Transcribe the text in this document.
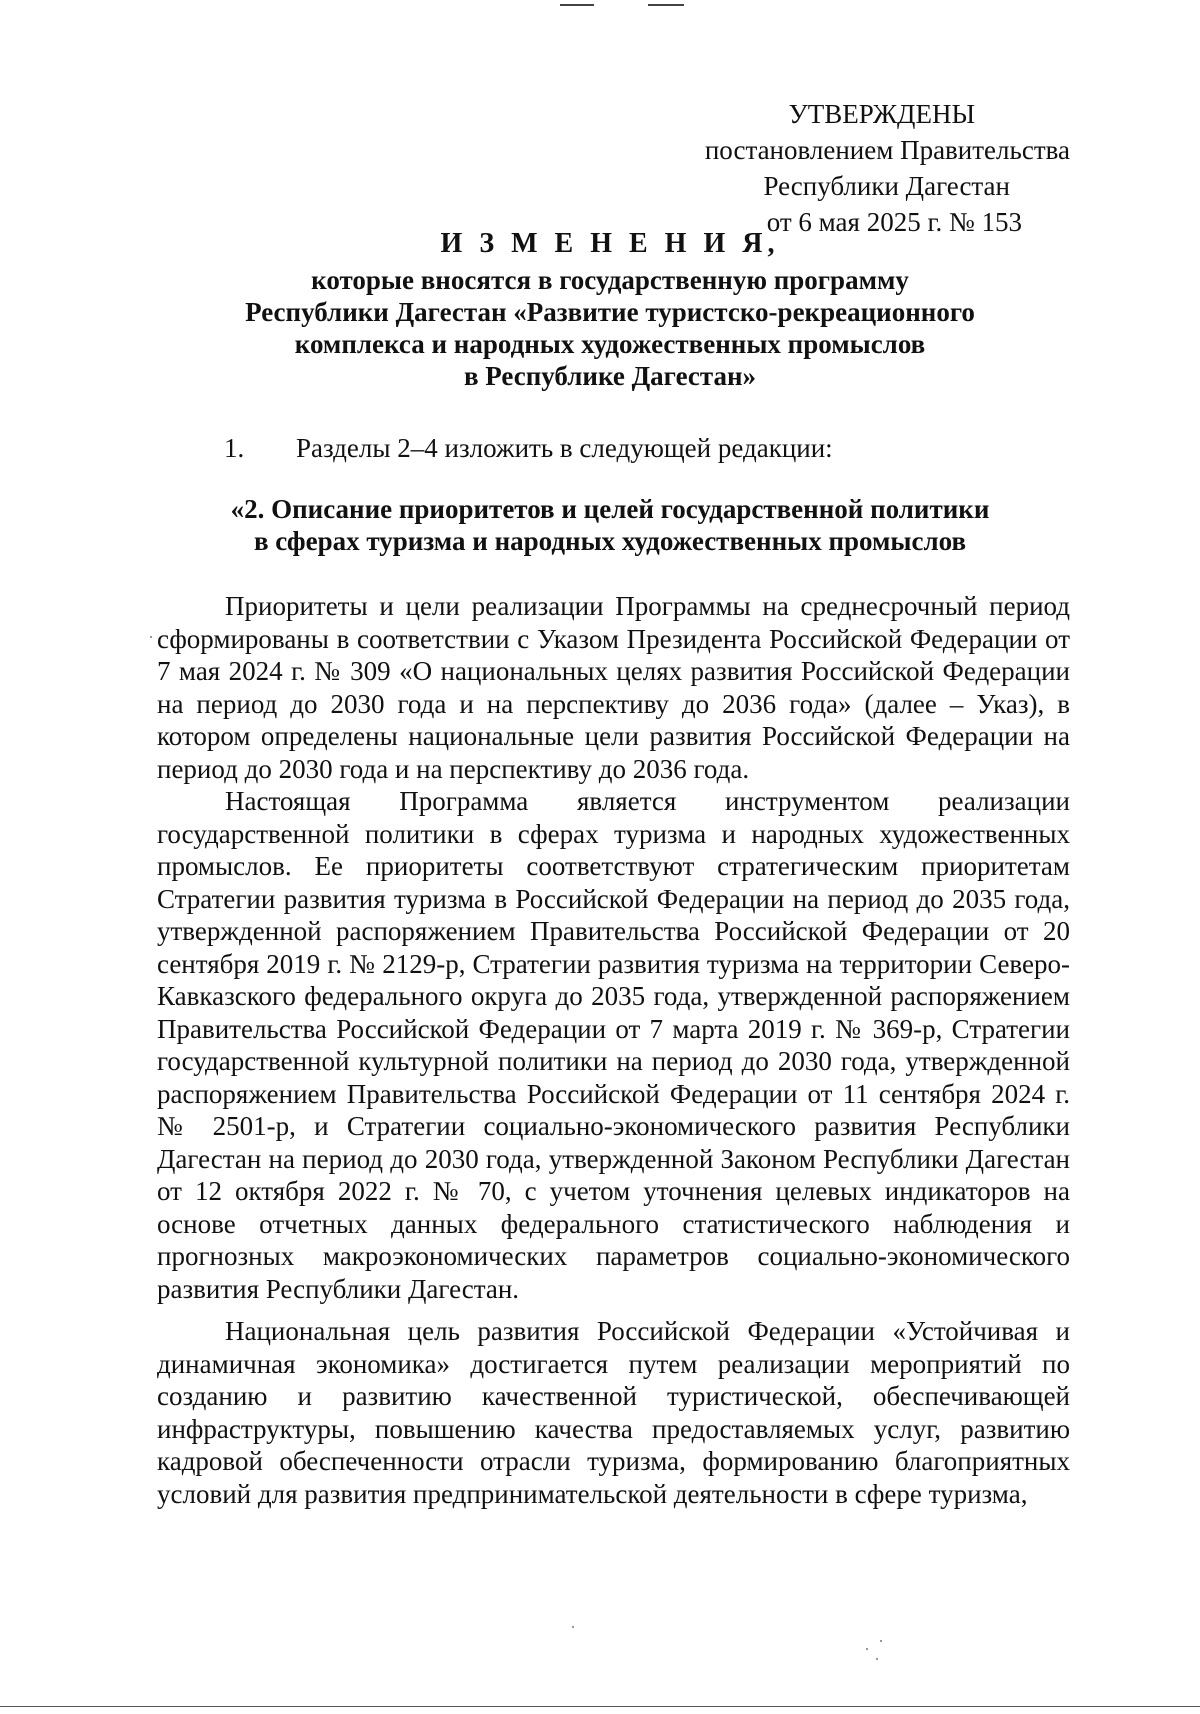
УТВЕРЖДЕНЫ
постановлением Правительства
Республики Дагестан
от 6 мая 2025 г. № 153
И З М Е Н Е Н И Я,
которые вносятся в государственную программу
Республики Дагестан «Развитие туристско-рекреационного
комплекса и народных художественных промыслов
в Республике Дагестан»
1. Разделы 2–4 изложить в следующей редакции:
«2. Описание приоритетов и целей государственной политики
в сферах туризма и народных художественных промыслов

Приоритеты и цели реализации Программы на среднесрочный период сформированы в соответствии с Указом Президента Российской Федерации от 7 мая 2024 г. № 309 «О национальных целях развития Российской Федерации на период до 2030 года и на перспективу до 2036 года» (далее – Указ), в котором определены национальные цели развития Российской Федерации на период до 2030 года и на перспективу до 2036 года.

Настоящая Программа является инструментом реализации государственной политики в сферах туризма и народных художественных промыслов. Ее приоритеты соответствуют стратегическим приоритетам Стратегии развития туризма в Российской Федерации на период до 2035 года, утвержденной распоряжением Правительства Российской Федерации от 20 сентября 2019 г. № 2129-р, Стратегии развития туризма на территории Северо-Кавказского федерального округа до 2035 года, утвержденной распоряжением Правительства Российской Федерации от 7 марта 2019 г. № 369-р, Стратегии государственной культурной политики на период до 2030 года, утвержденной распоряжением Правительства Российской Федерации от 11 сентября 2024 г. № 2501-р, и Стратегии социально-экономического развития Республики Дагестан на период до 2030 года, утвержденной Законом Республики Дагестан от 12 октября 2022 г. № 70, с учетом уточнения целевых индикаторов на основе отчетных данных федерального статистического наблюдения и прогнозных макроэкономических параметров социально-экономического развития Республики Дагестан.

Национальная цель развития Российской Федерации «Устойчивая и динамичная экономика» достигается путем реализации мероприятий по созданию и развитию качественной туристической, обеспечивающей инфраструктуры, повышению качества предоставляемых услуг, развитию кадровой обеспеченности отрасли туризма, формированию благоприятных условий для развития предпринимательской деятельности в сфере туризма,
